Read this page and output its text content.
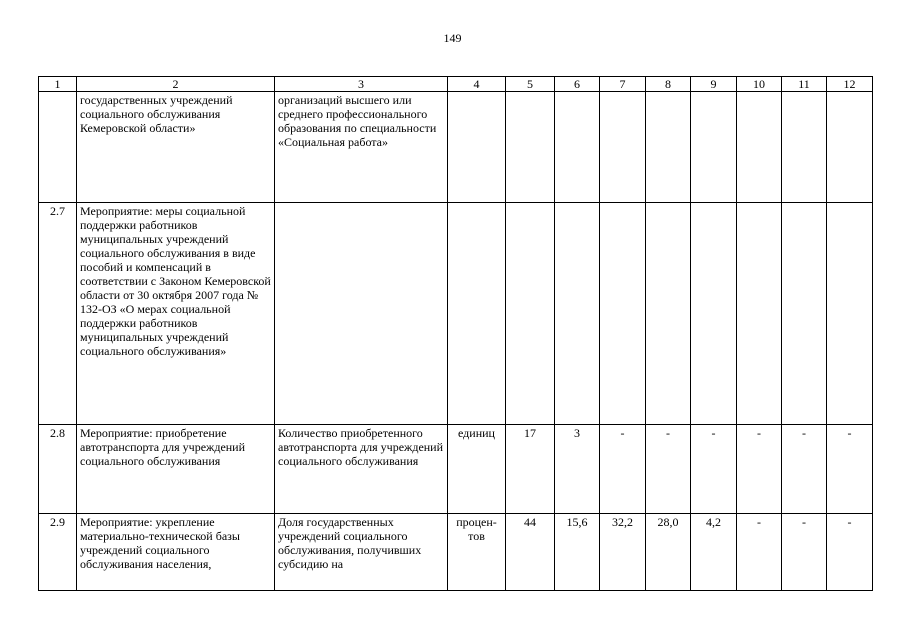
149
1	2	3	4	5	6	7	8	9	10	11	12
	государственных учреждений социального обслуживания Кемеровской области»	организаций высшего или среднего профессионального образования по специальности «Социальная работа»									
2.7	Мероприятие: меры социальной поддержки работников муниципальных учреждений социального обслуживания в виде пособий и компенсаций в соответствии с Законом Кемеровской области от 30 октября 2007 года № 132-ОЗ «О мерах социальной поддержки работников муниципальных учреждений социального обслуживания»										
2.8	Мероприятие: приобретение автотранспорта для учреждений социального обслуживания	Количество приобретенного автотранспорта для учреждений социального обслуживания	единиц	17	3	-	-	-	-	-	-
2.9	Мероприятие: укрепление материально-технической базы учреждений социального обслуживания населения,	Доля государственных учреждений социального обслуживания, получивших субсидию на	процен-тов	44	15,6	32,2	28,0	4,2	-	-	-
